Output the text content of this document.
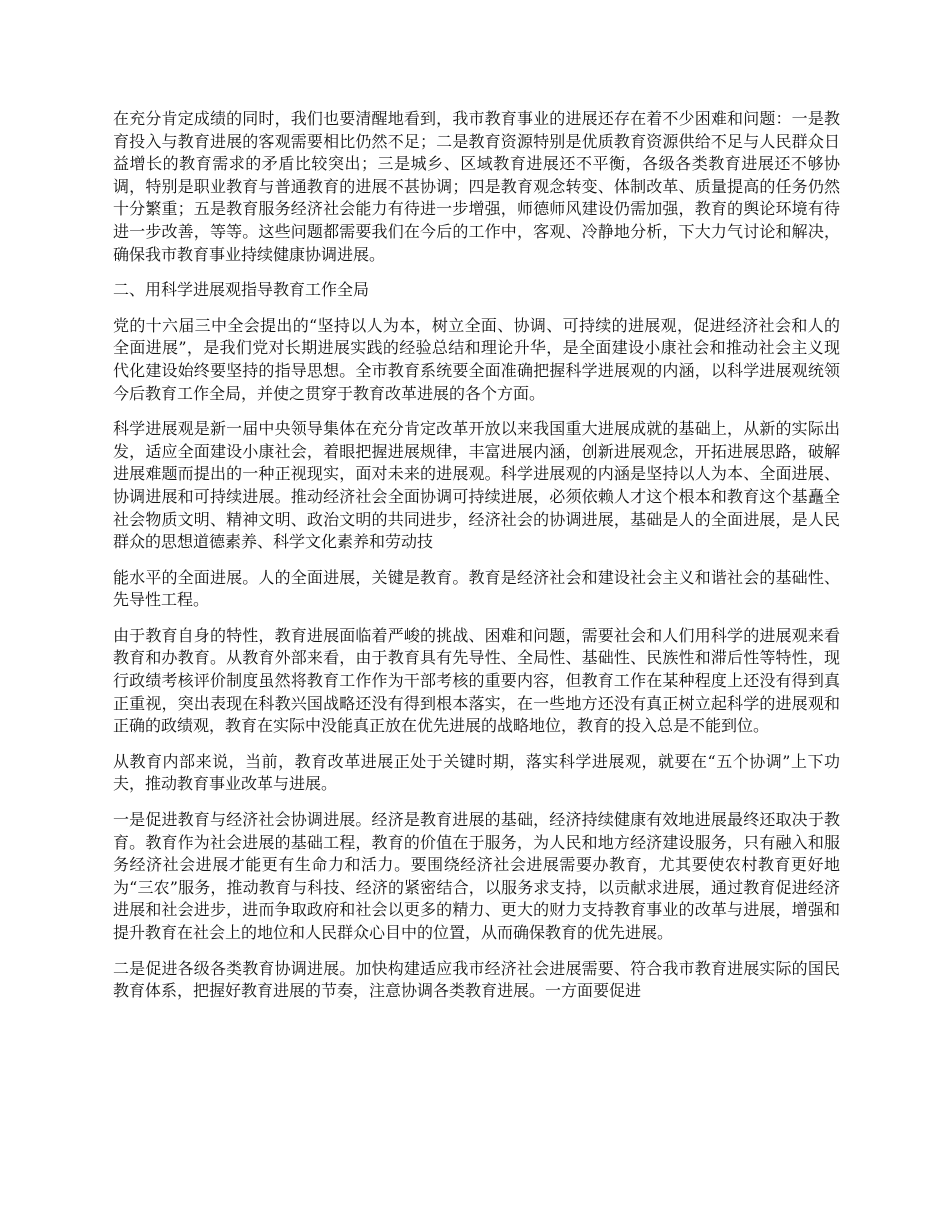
在充分肯定成绩的同时，我们也要清醒地看到，我市教育事业的进展还存在着不少困难和问题：一是教育投入与教育进展的客观需要相比仍然不足；二是教育资源特别是优质教育资源供给不足与人民群众日益增长的教育需求的矛盾比较突出；三是城乡、区域教育进展还不平衡，各级各类教育进展还不够协调，特别是职业教育与普通教育的进展不甚协调；四是教育观念转变、体制改革、质量提高的任务仍然十分繁重；五是教育服务经济社会能力有待进一步增强，师德师风建设仍需加强，教育的舆论环境有待进一步改善，等等。这些问题都需要我们在今后的工作中，客观、冷静地分析，下大力气讨论和解决，确保我市教育事业持续健康协调进展。

二、用科学进展观指导教育工作全局

党的十六届三中全会提出的“坚持以人为本，树立全面、协调、可持续的进展观，促进经济社会和人的全面进展”，是我们党对长期进展实践的经验总结和理论升华，是全面建设小康社会和推动社会主义现代化建设始终要坚持的指导思想。全市教育系统要全面准确把握科学进展观的内涵，以科学进展观统领今后教育工作全局，并使之贯穿于教育改革进展的各个方面。

科学进展观是新一届中央领导集体在充分肯定改革开放以来我国重大进展成就的基础上，从新的实际出发，适应全面建设小康社会，着眼把握进展规律，丰富进展内涵，创新进展观念，开拓进展思路，破解进展难题而提出的一种正视现实，面对未来的进展观。科学进展观的内涵是坚持以人为本、全面进展、协调进展和可持续进展。推动经济社会全面协调可持续进展，必须依赖人才这个根本和教育这个基矗全社会物质文明、精神文明、政治文明的共同进步，经济社会的协调进展，基础是人的全面进展，是人民群众的思想道德素养、科学文化素养和劳动技

能水平的全面进展。人的全面进展，关键是教育。教育是经济社会和建设社会主义和谐社会的基础性、先导性工程。

由于教育自身的特性，教育进展面临着严峻的挑战、困难和问题，需要社会和人们用科学的进展观来看教育和办教育。从教育外部来看，由于教育具有先导性、全局性、基础性、民族性和滞后性等特性，现行政绩考核评价制度虽然将教育工作作为干部考核的重要内容，但教育工作在某种程度上还没有得到真正重视，突出表现在科教兴国战略还没有得到根本落实，在一些地方还没有真正树立起科学的进展观和正确的政绩观，教育在实际中没能真正放在优先进展的战略地位，教育的投入总是不能到位。

从教育内部来说，当前，教育改革进展正处于关键时期，落实科学进展观，就要在“五个协调”上下功夫，推动教育事业改革与进展。

一是促进教育与经济社会协调进展。经济是教育进展的基础，经济持续健康有效地进展最终还取决于教育。教育作为社会进展的基础工程，教育的价值在于服务，为人民和地方经济建设服务，只有融入和服务经济社会进展才能更有生命力和活力。要围绕经济社会进展需要办教育，尤其要使农村教育更好地为“三农”服务，推动教育与科技、经济的紧密结合，以服务求支持，以贡献求进展，通过教育促进经济进展和社会进步，进而争取政府和社会以更多的精力、更大的财力支持教育事业的改革与进展，增强和提升教育在社会上的地位和人民群众心目中的位置，从而确保教育的优先进展。

二是促进各级各类教育协调进展。加快构建适应我市经济社会进展需要、符合我市教育进展实际的国民教育体系，把握好教育进展的节奏，注意协调各类教育进展。一方面要促进
